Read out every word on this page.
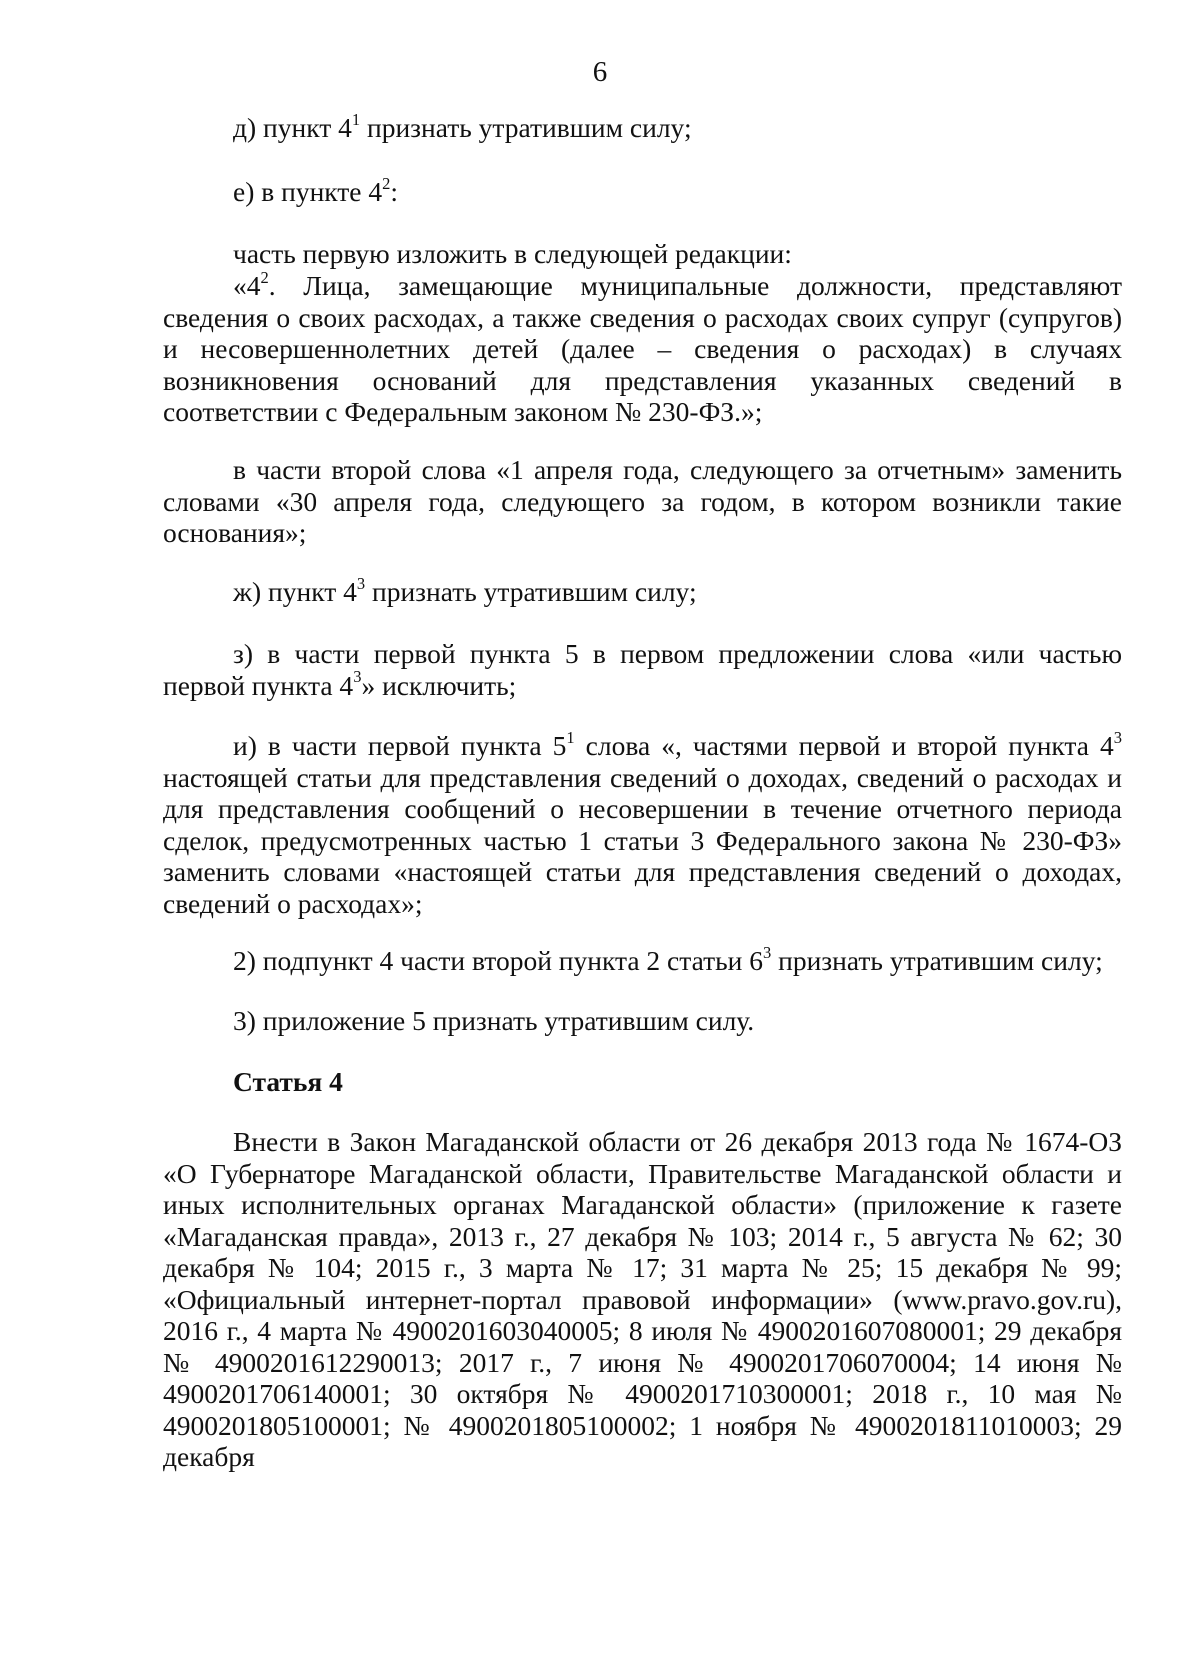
6

д) пункт $4^1$ признать утратившим силу;

е) в пункте $4^2$:

часть первую изложить в следующей редакции:

«$4^2$. Лица, замещающие муниципальные должности, представляют сведения о своих расходах, а также сведения о расходах своих супруг (супругов) и несовершеннолетних детей (далее – сведения о расходах) в случаях возникновения оснований для представления указанных сведений в соответствии с Федеральным законом № 230-ФЗ.»;

в части второй слова «1 апреля года, следующего за отчетным» заменить словами «30 апреля года, следующего за годом, в котором возникли такие основания»;

ж) пункт $4^3$ признать утратившим силу;

з) в части первой пункта 5 в первом предложении слова «или частью первой пункта $4^3$» исключить;

и) в части первой пункта $5^1$ слова «, частями первой и второй пункта $4^3$ настоящей статьи для представления сведений о доходах, сведений о расходах и для представления сообщений о несовершении в течение отчетного периода сделок, предусмотренных частью 1 статьи 3 Федерального закона № 230-ФЗ» заменить словами «настоящей статьи для представления сведений о доходах, сведений о расходах»;

2) подпункт 4 части второй пункта 2 статьи $6^3$ признать утратившим силу;

3) приложение 5 признать утратившим силу.

Статья 4

Внести в Закон Магаданской области от 26 декабря 2013 года № 1674-ОЗ «О Губернаторе Магаданской области, Правительстве Магаданской области и иных исполнительных органах Магаданской области» (приложение к газете «Магаданская правда», 2013 г., 27 декабря № 103; 2014 г., 5 августа № 62; 30 декабря № 104; 2015 г., 3 марта № 17; 31 марта № 25; 15 декабря № 99; «Официальный интернет-портал правовой информации» (www.pravo.gov.ru), 2016 г., 4 марта № 4900201603040005; 8 июля № 4900201607080001; 29 декабря № 4900201612290013; 2017 г., 7 июня № 4900201706070004; 14 июня № 4900201706140001; 30 октября № 4900201710300001; 2018 г., 10 мая № 4900201805100001; № 4900201805100002; 1 ноября № 4900201811010003; 29 декабря
